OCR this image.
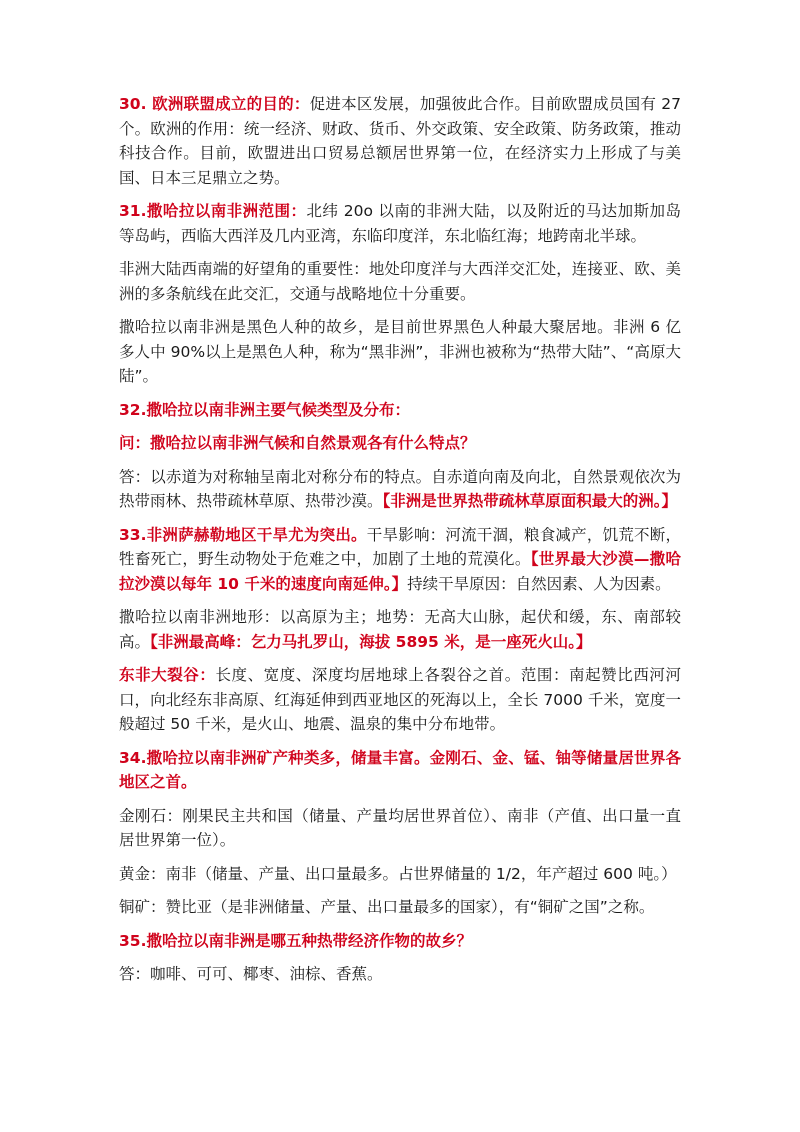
30. 欧洲联盟成立的目的：促进本区发展，加强彼此合作。目前欧盟成员国有 27 个。欧洲的作用：统一经济、财政、货币、外交政策、安全政策、防务政策，推动科技合作。目前，欧盟进出口贸易总额居世界第一位，在经济实力上形成了与美国、日本三足鼎立之势。

31.撒哈拉以南非洲范围：北纬 20o 以南的非洲大陆，以及附近的马达加斯加岛等岛屿，西临大西洋及几内亚湾，东临印度洋，东北临红海；地跨南北半球。

非洲大陆西南端的好望角的重要性：地处印度洋与大西洋交汇处，连接亚、欧、美洲的多条航线在此交汇，交通与战略地位十分重要。

撒哈拉以南非洲是黑色人种的故乡，是目前世界黑色人种最大聚居地。非洲 6 亿多人中 90%以上是黑色人种，称为“黑非洲”，非洲也被称为“热带大陆”、“高原大陆”。

32.撒哈拉以南非洲主要气候类型及分布：

问：撒哈拉以南非洲气候和自然景观各有什么特点？

答：以赤道为对称轴呈南北对称分布的特点。自赤道向南及向北，自然景观依次为热带雨林、热带疏林草原、热带沙漠。【非洲是世界热带疏林草原面积最大的洲。】

33.非洲萨赫勒地区干旱尤为突出。干旱影响：河流干涸，粮食减产，饥荒不断，牲畜死亡，野生动物处于危难之中，加剧了土地的荒漠化。【世界最大沙漠—撒哈拉沙漠以每年 10 千米的速度向南延伸。】持续干旱原因：自然因素、人为因素。

撒哈拉以南非洲地形：以高原为主；地势：无高大山脉，起伏和缓，东、南部较高。【非洲最高峰：乞力马扎罗山，海拔 5895 米，是一座死火山。】

东非大裂谷：长度、宽度、深度均居地球上各裂谷之首。范围：南起赞比西河河口，向北经东非高原、红海延伸到西亚地区的死海以上，全长 7000 千米，宽度一般超过 50 千米，是火山、地震、温泉的集中分布地带。

34.撒哈拉以南非洲矿产种类多，储量丰富。金刚石、金、锰、铀等储量居世界各地区之首。

金刚石：刚果民主共和国（储量、产量均居世界首位）、南非（产值、出口量一直居世界第一位）。

黄金：南非（储量、产量、出口量最多。占世界储量的 1/2，年产超过 600 吨。）

铜矿：赞比亚（是非洲储量、产量、出口量最多的国家），有“铜矿之国”之称。

35.撒哈拉以南非洲是哪五种热带经济作物的故乡？

答：咖啡、可可、椰枣、油棕、香蕉。
